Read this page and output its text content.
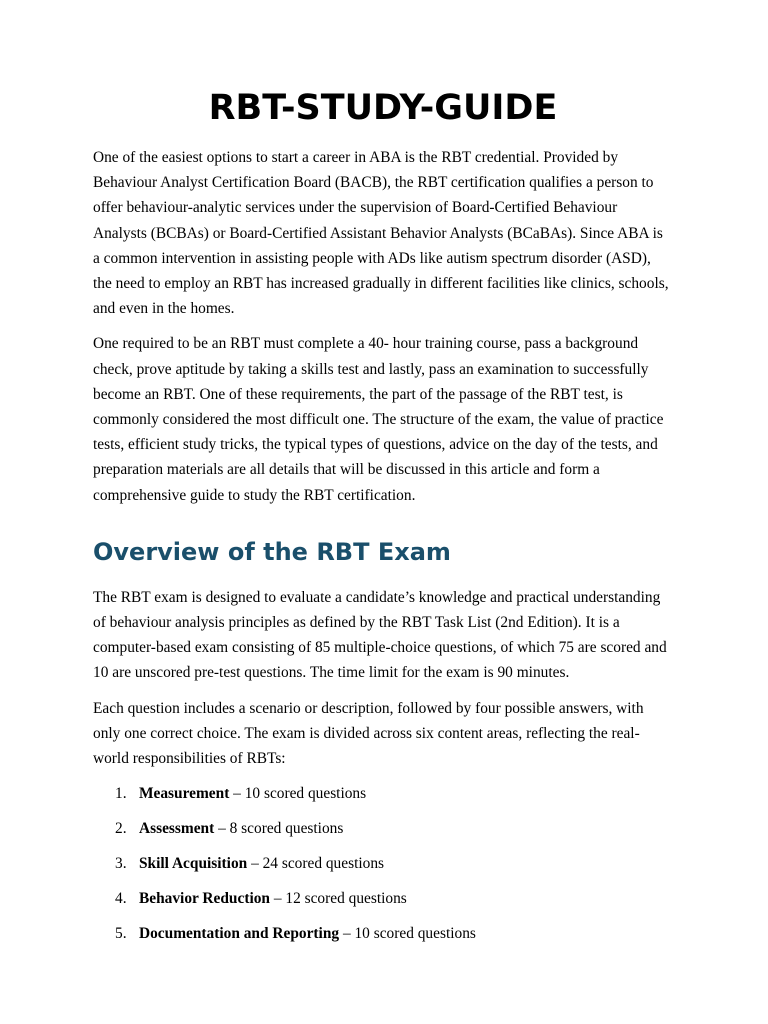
RBT-STUDY-GUIDE

One of the easiest options to start a career in ABA is the RBT credential. Provided by Behaviour Analyst Certification Board (BACB), the RBT certification qualifies a person to offer behaviour-analytic services under the supervision of Board-Certified Behaviour Analysts (BCBAs) or Board-Certified Assistant Behavior Analysts (BCaBAs). Since ABA is a common intervention in assisting people with ADs like autism spectrum disorder (ASD), the need to employ an RBT has increased gradually in different facilities like clinics, schools, and even in the homes.

One required to be an RBT must complete a 40- hour training course, pass a background check, prove aptitude by taking a skills test and lastly, pass an examination to successfully become an RBT. One of these requirements, the part of the passage of the RBT test, is commonly considered the most difficult one. The structure of the exam, the value of practice tests, efficient study tricks, the typical types of questions, advice on the day of the tests, and preparation materials are all details that will be discussed in this article and form a comprehensive guide to study the RBT certification.

Overview of the RBT Exam

The RBT exam is designed to evaluate a candidate’s knowledge and practical understanding of behaviour analysis principles as defined by the RBT Task List (2nd Edition). It is a computer-based exam consisting of 85 multiple-choice questions, of which 75 are scored and 10 are unscored pre-test questions. The time limit for the exam is 90 minutes.

Each question includes a scenario or description, followed by four possible answers, with only one correct choice. The exam is divided across six content areas, reflecting the real-world responsibilities of RBTs:

1. Measurement – 10 scored questions
2. Assessment – 8 scored questions
3. Skill Acquisition – 24 scored questions
4. Behavior Reduction – 12 scored questions
5. Documentation and Reporting – 10 scored questions
